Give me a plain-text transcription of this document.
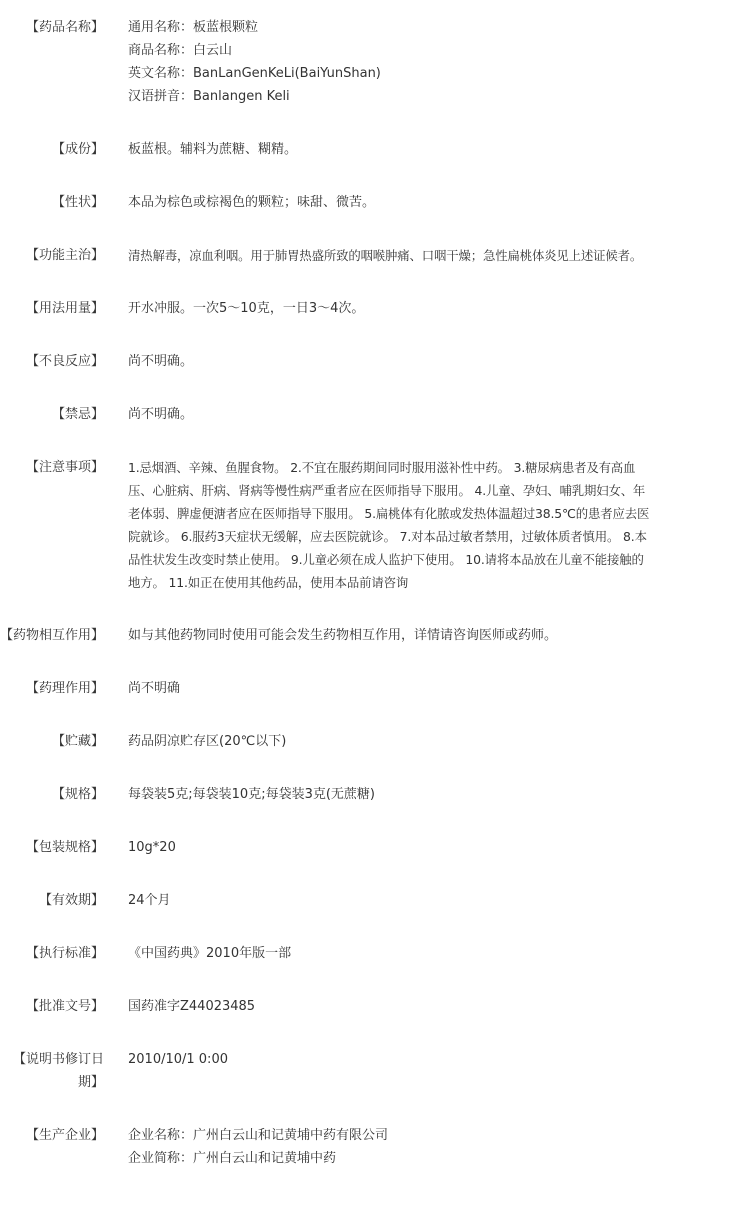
【药品名称】 通用名称：板蓝根颗粒
商品名称：白云山
英文名称：BanLanGenKeLi(BaiYunShan)
汉语拼音：Banlangen Keli
【成份】 板蓝根。辅料为蔗糖、糊精。
【性状】 本品为棕色或棕褐色的颗粒；味甜、微苦。
【功能主治】 清热解毒，凉血利咽。用于肺胃热盛所致的咽喉肿痛、口咽干燥；急性扁桃体炎见上述证候者。
【用法用量】 开水冲服。一次5～10克，一日3～4次。
【不良反应】 尚不明确。
【禁忌】 尚不明确。
【注意事项】 1.忌烟酒、辛辣、鱼腥食物。 2.不宜在服药期间同时服用滋补性中药。 3.糖尿病患者及有高血
压、心脏病、肝病、肾病等慢性病严重者应在医师指导下服用。 4.儿童、孕妇、哺乳期妇女、年
老体弱、脾虚便溏者应在医师指导下服用。 5.扁桃体有化脓或发热体温超过38.5℃的患者应去医
院就诊。 6.服药3天症状无缓解，应去医院就诊。 7.对本品过敏者禁用，过敏体质者慎用。 8.本
品性状发生改变时禁止使用。 9.儿童必须在成人监护下使用。 10.请将本品放在儿童不能接触的
地方。 11.如正在使用其他药品，使用本品前请咨询
【药物相互作用】 如与其他药物同时使用可能会发生药物相互作用，详情请咨询医师或药师。
【药理作用】 尚不明确
【贮藏】 药品阴凉贮存区(20℃以下)
【规格】 每袋装5克;每袋装10克;每袋装3克(无蔗糖)
【包装规格】 10g*20
【有效期】 24个月
【执行标准】 《中国药典》2010年版一部
【批准文号】 国药准字Z44023485
【说明书修订日期】
2010/10/1 0:00
【生产企业】 企业名称：广州白云山和记黄埔中药有限公司
企业简称：广州白云山和记黄埔中药
